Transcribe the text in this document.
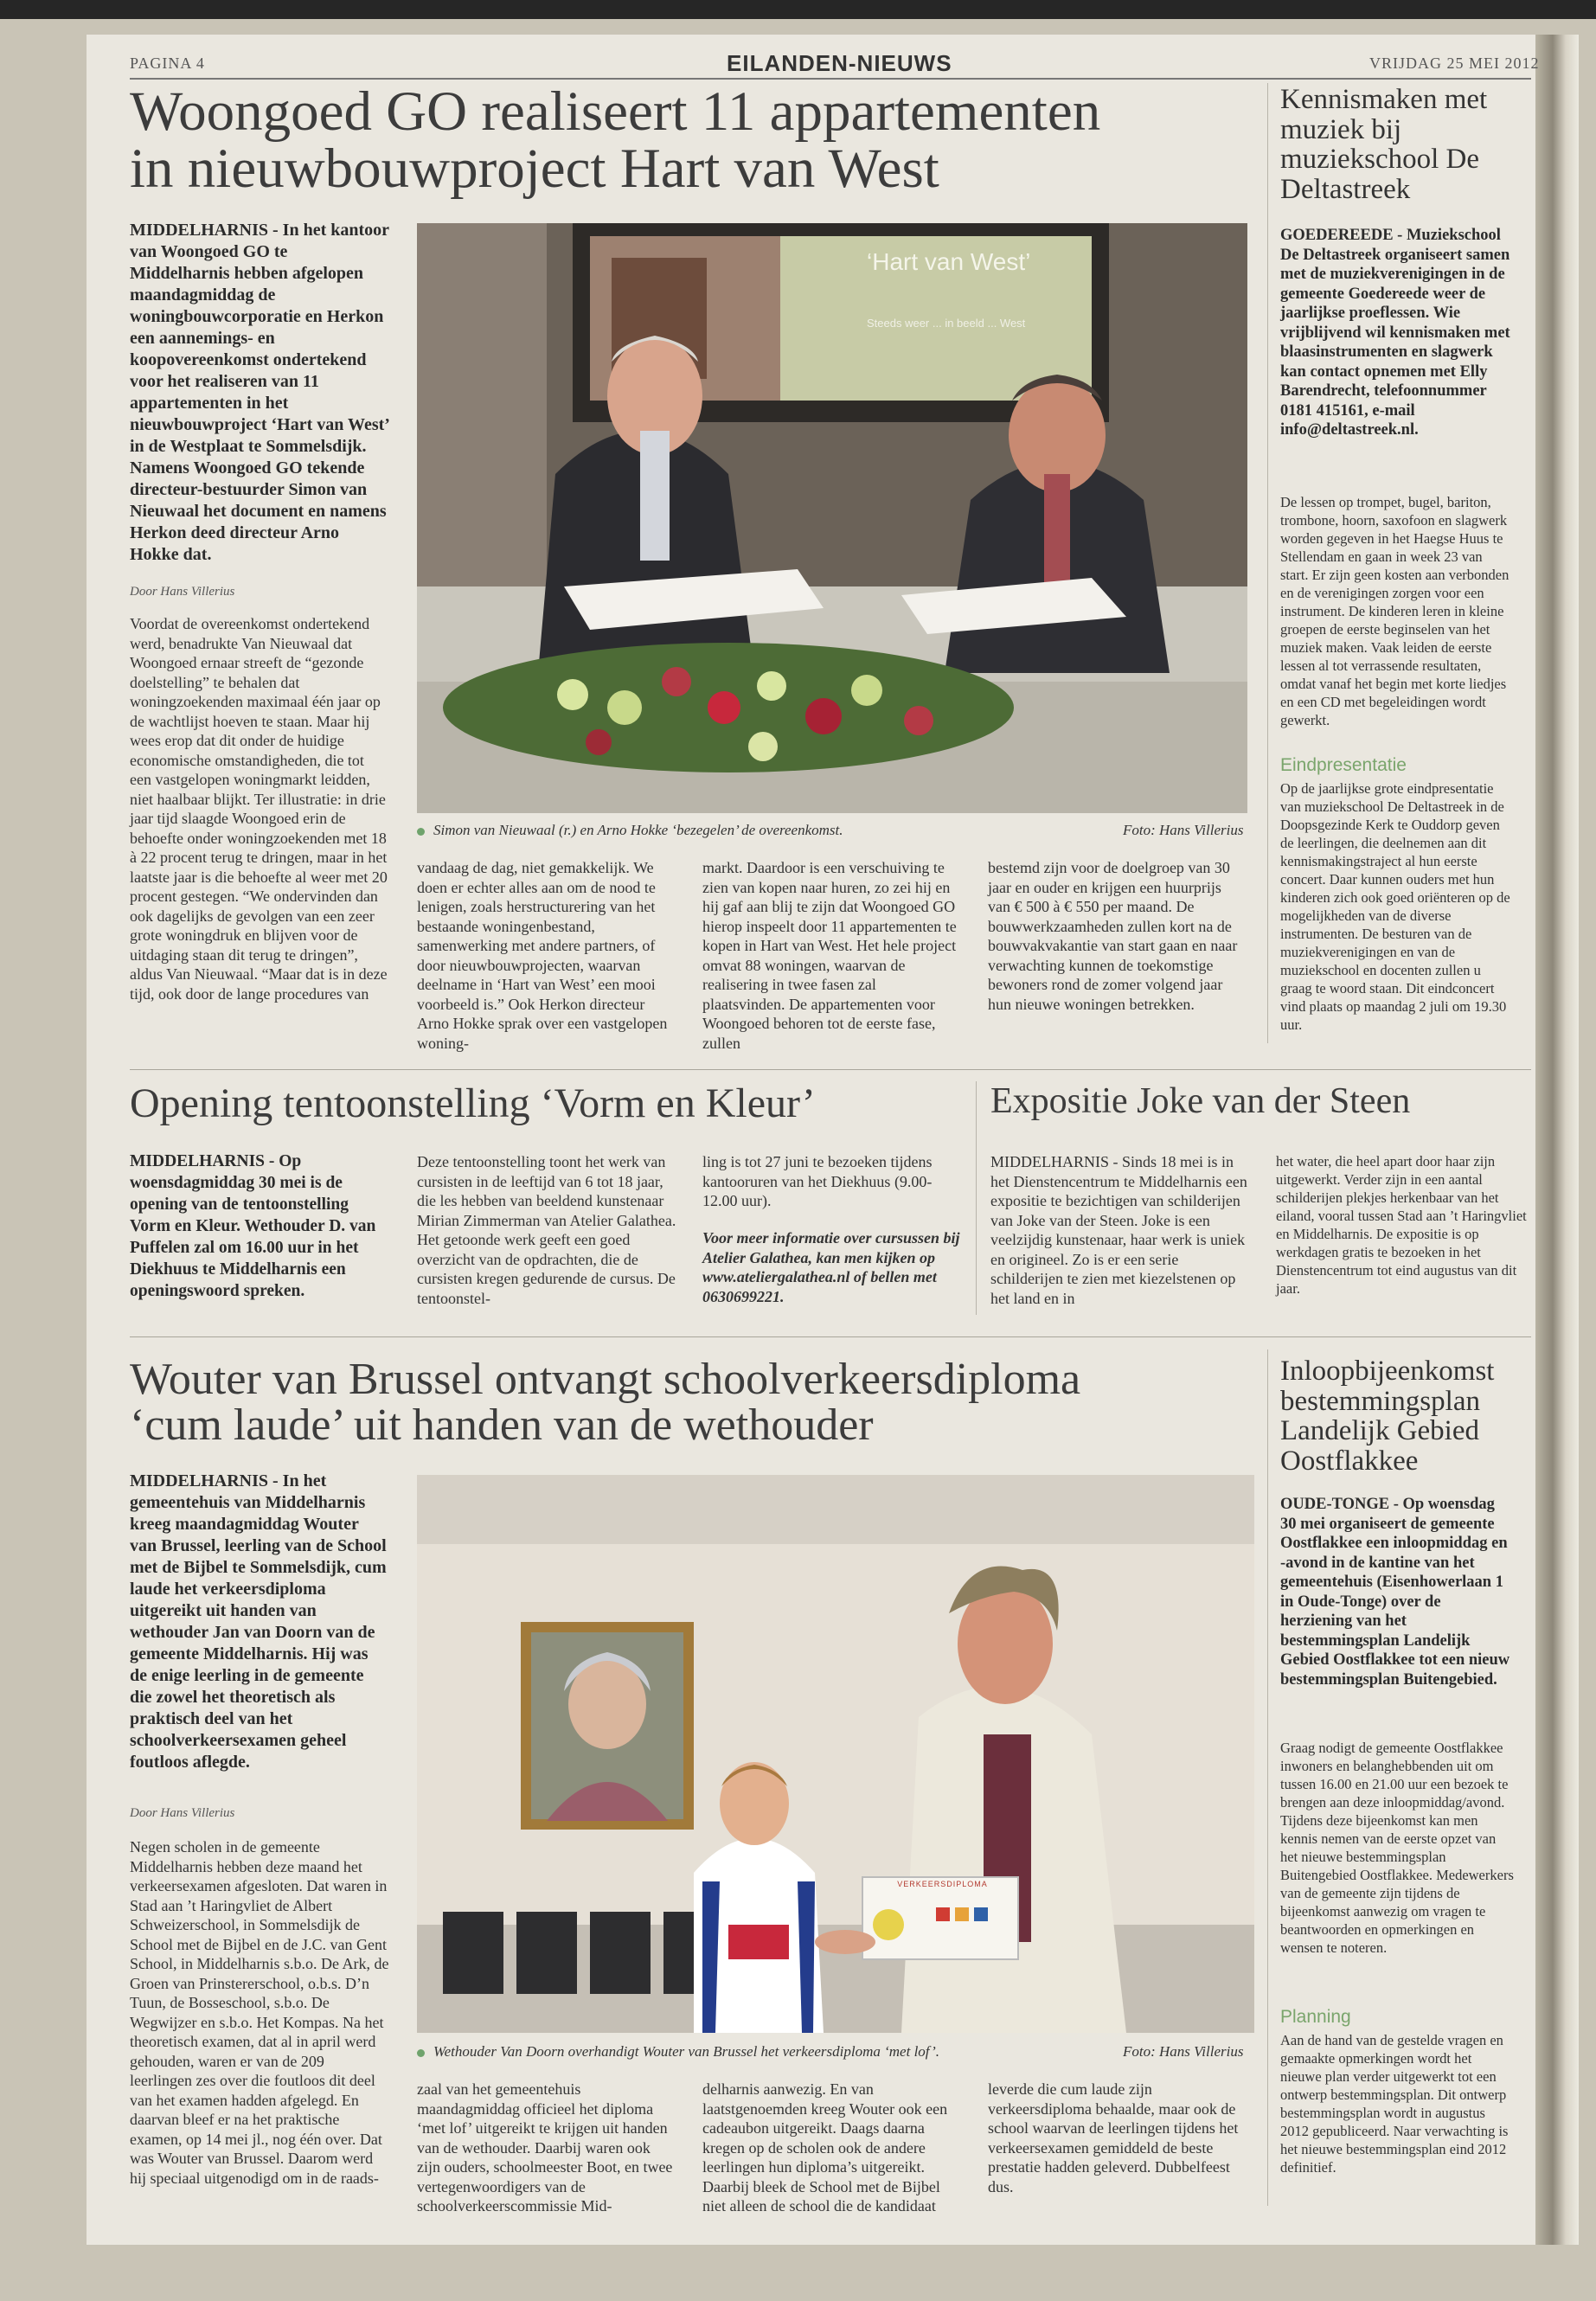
PAGINA 4	EILANDEN-NIEUWS	VRIJDAG 25 MEI 2012
Woongoed GO realiseert 11 appartementen
in nieuwbouwproject Hart van West
MIDDELHARNIS - In het kantoor van Woongoed GO te Middelharnis hebben afgelopen maandagmiddag de woningbouwcorporatie en Herkon een aannemings- en koopovereenkomst ondertekend voor het realiseren van 11 appartementen in het nieuwbouwproject ‘Hart van West’ in de Westplaat te Sommelsdijk. Namens Woongoed GO tekende directeur-bestuurder Simon van Nieuwaal het document en namens Herkon deed directeur Arno Hokke dat.
Door Hans Villerius
Voordat de overeenkomst ondertekend werd, benadrukte Van Nieuwaal dat Woongoed ernaar streeft de “gezonde doelstelling” te behalen dat woningzoekenden maximaal één jaar op de wachtlijst hoeven te staan. Maar hij wees erop dat dit onder de huidige economische omstandigheden, die tot een vastgelopen woningmarkt leidden, niet haalbaar blijkt. Ter illustratie: in drie jaar tijd slaagde Woongoed erin de behoefte onder woningzoekenden met 18 à 22 procent terug te dringen, maar in het laatste jaar is die behoefte al weer met 20 procent gestegen. “We ondervinden dan ook dagelijks de gevolgen van een zeer grote woningdruk en blijven voor de uitdaging staan dit terug te dringen”, aldus Van Nieuwaal. “Maar dat is in deze tijd, ook door de lange procedures van
‘Hart van West’
Steeds weer ... in beeld ... West
Simon van Nieuwaal (r.) en Arno Hokke ‘bezegelen’ de overeenkomst.	Foto: Hans Villerius
vandaag de dag, niet gemakkelijk. We doen er echter alles aan om de nood te lenigen, zoals herstructurering van het bestaande woningenbestand, samenwerking met andere partners, of door nieuwbouwprojecten, waarvan deelname in ‘Hart van West’ een mooi voorbeeld is.” Ook Herkon directeur Arno Hokke sprak over een vastgelopen woning-
markt. Daardoor is een verschuiving te zien van kopen naar huren, zo zei hij en hij gaf aan blij te zijn dat Woongoed GO hierop inspeelt door 11 appartementen te kopen in Hart van West. Het hele project omvat 88 woningen, waarvan de realisering in twee fasen zal plaatsvinden. De appartementen voor Woongoed behoren tot de eerste fase, zullen
bestemd zijn voor de doelgroep van 30 jaar en ouder en krijgen een huurprijs van € 500 à € 550 per maand. De bouwwerkzaamheden zullen kort na de bouwvakvakantie van start gaan en naar verwachting kunnen de toekomstige bewoners rond de zomer volgend jaar hun nieuwe woningen betrekken.
Kennismaken met muziek bij muziekschool De Deltastreek
GOEDEREEDE - Muziekschool De Deltastreek organiseert samen met de muziekverenigingen in de gemeente Goedereede weer de jaarlijkse proeflessen. Wie vrijblijvend wil kennismaken met blaasinstrumenten en slagwerk kan contact opnemen met Elly Barendrecht, telefoonnummer 0181 415161, e-mail info@deltastreek.nl.
De lessen op trompet, bugel, bariton, trombone, hoorn, saxofoon en slagwerk worden gegeven in het Haegse Huus te Stellendam en gaan in week 23 van start. Er zijn geen kosten aan verbonden en de verenigingen zorgen voor een instrument. De kinderen leren in kleine groepen de eerste beginselen van het muziek maken. Vaak leiden de eerste lessen al tot verrassende resultaten, omdat vanaf het begin met korte liedjes en een CD met begeleidingen wordt gewerkt.
Eindpresentatie
Op de jaarlijkse grote eindpresentatie van muziekschool De Deltastreek in de Doopsgezinde Kerk te Ouddorp geven de leerlingen, die deelnemen aan dit kennismakingstraject al hun eerste concert. Daar kunnen ouders met hun kinderen zich ook goed oriënteren op de mogelijkheden van de diverse instrumenten. De besturen van de muziekverenigingen en van de muziekschool en docenten zullen u graag te woord staan. Dit eindconcert vind plaats op maandag 2 juli om 19.30 uur.
Opening tentoonstelling ‘Vorm en Kleur’
MIDDELHARNIS - Op woensdagmiddag 30 mei is de opening van de tentoonstelling Vorm en Kleur. Wethouder D. van Puffelen zal om 16.00 uur in het Diekhuus te Middelharnis een openingswoord spreken.
Deze tentoonstelling toont het werk van cursisten in de leeftijd van 6 tot 18 jaar, die les hebben van beeldend kunstenaar Mirian Zimmerman van Atelier Galathea. Het getoonde werk geeft een goed overzicht van de opdrachten, die de cursisten kregen gedurende de cursus. De tentoonstel-
ling is tot 27 juni te bezoeken tijdens kantooruren van het Diekhuus (9.00-12.00 uur).
Voor meer informatie over cursussen bij Atelier Galathea, kan men kijken op www.ateliergalathea.nl of bellen met 0630699221.
Expositie Joke van der Steen
MIDDELHARNIS - Sinds 18 mei is in het Dienstencentrum te Middelharnis een expositie te bezichtigen van schilderijen van Joke van der Steen. Joke is een veelzijdig kunstenaar, haar werk is uniek en origineel. Zo is er een serie schilderijen te zien met kiezelstenen op het land en in
het water, die heel apart door haar zijn uitgewerkt. Verder zijn in een aantal schilderijen plekjes herkenbaar van het eiland, vooral tussen Stad aan ’t Haringvliet en Middelharnis. De expositie is op werkdagen gratis te bezoeken in het Dienstencentrum tot eind augustus van dit jaar.
Wouter van Brussel ontvangt schoolverkeersdiploma
‘cum laude’ uit handen van de wethouder
MIDDELHARNIS - In het gemeentehuis van Middelharnis kreeg maandagmiddag Wouter van Brussel, leerling van de School met de Bijbel te Sommelsdijk, cum laude het verkeersdiploma uitgereikt uit handen van wethouder Jan van Doorn van de gemeente Middelharnis. Hij was de enige leerling in de gemeente die zowel het theoretisch als praktisch deel van het schoolverkeersexamen geheel foutloos aflegde.
Door Hans Villerius
Negen scholen in de gemeente Middelharnis hebben deze maand het verkeersexamen afgesloten. Dat waren in Stad aan ’t Haringvliet de Albert Schweizerschool, in Sommelsdijk de School met de Bijbel en de J.C. van Gent School, in Middelharnis s.b.o. De Ark, de Groen van Prinstererschool, o.b.s. D’n Tuun, de Bosseschool, s.b.o. De Wegwijzer en s.b.o. Het Kompas. Na het theoretisch examen, dat al in april werd gehouden, waren er van de 209 leerlingen zes over die foutloos dit deel van het examen hadden afgelegd. En daarvan bleef er na het praktische examen, op 14 mei jl., nog één over. Dat was Wouter van Brussel. Daarom werd hij speciaal uitgenodigd om in de raads-
VERKEERSDIPLOMA
Wethouder Van Doorn overhandigt Wouter van Brussel het verkeersdiploma ‘met lof’.	Foto: Hans Villerius
zaal van het gemeentehuis maandagmiddag officieel het diploma ‘met lof’ uitgereikt te krijgen uit handen van de wethouder. Daarbij waren ook zijn ouders, schoolmeester Boot, en twee vertegenwoordigers van de schoolverkeerscommissie Mid-
delharnis aanwezig. En van laatstgenoemden kreeg Wouter ook een cadeaubon uitgereikt. Daags daarna kregen op de scholen ook de andere leerlingen hun diploma’s uitgereikt. Daarbij bleek de School met de Bijbel niet alleen de school die de kandidaat
leverde die cum laude zijn verkeersdiploma behaalde, maar ook de school waarvan de leerlingen tijdens het verkeersexamen gemiddeld de beste prestatie hadden geleverd. Dubbelfeest dus.
Inloopbijeenkomst bestemmingsplan Landelijk Gebied Oostflakkee
OUDE-TONGE - Op woensdag 30 mei organiseert de gemeente Oostflakkee een inloopmiddag en -avond in de kantine van het gemeentehuis (Eisenhowerlaan 1 in Oude-Tonge) over de herziening van het bestemmingsplan Landelijk Gebied Oostflakkee tot een nieuw bestemmingsplan Buitengebied.
Graag nodigt de gemeente Oostflakkee inwoners en belanghebbenden uit om tussen 16.00 en 21.00 uur een bezoek te brengen aan deze inloopmiddag/avond. Tijdens deze bijeenkomst kan men kennis nemen van de eerste opzet van het nieuwe bestemmingsplan Buitengebied Oostflakkee. Medewerkers van de gemeente zijn tijdens de bijeenkomst aanwezig om vragen te beantwoorden en opmerkingen en wensen te noteren.
Planning
Aan de hand van de gestelde vragen en gemaakte opmerkingen wordt het nieuwe plan verder uitgewerkt tot een ontwerp bestemmingsplan. Dit ontwerp bestemmingsplan wordt in augustus 2012 gepubliceerd. Naar verwachting is het nieuwe bestemmingsplan eind 2012 definitief.
